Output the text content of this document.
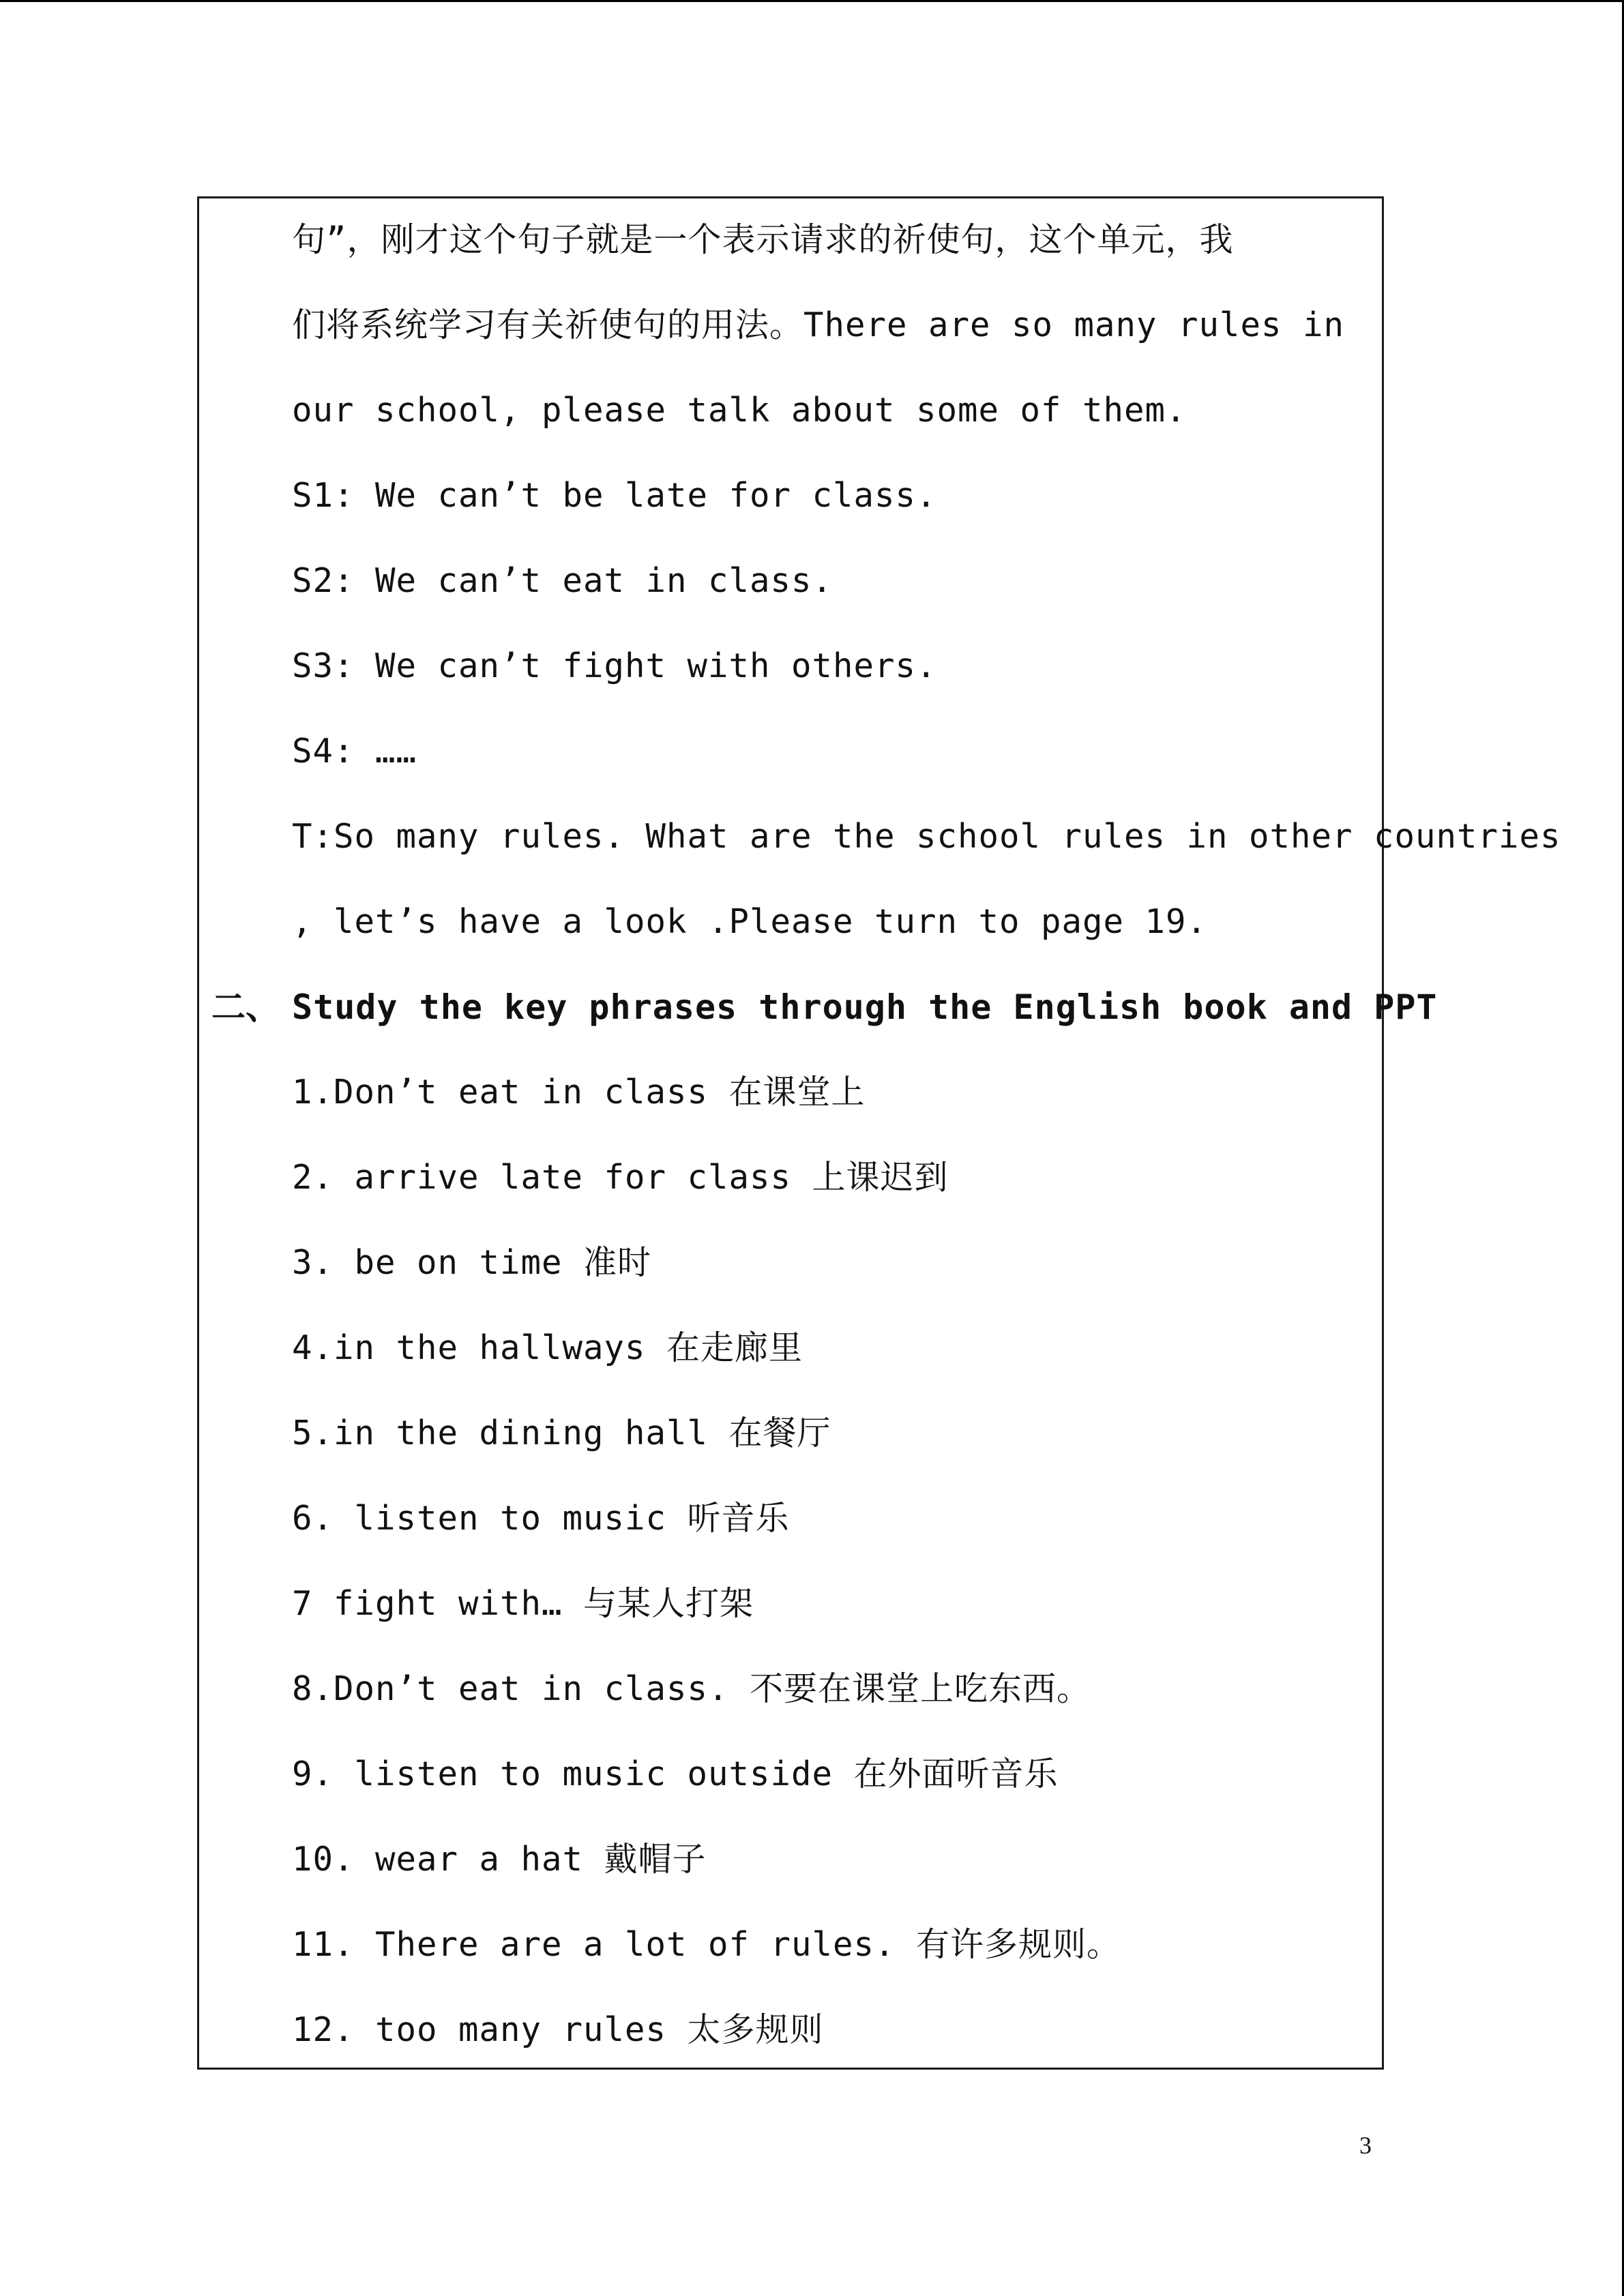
句”，刚才这个句子就是一个表示请求的祈使句，这个单元，我
们将系统学习有关祈使句的用法。There are so many rules in
our school, please talk about some of them.
S1: We can’t be late for class.
S2: We can’t eat in class.
S3: We can’t fight with others.
S4: ……
T:So many rules. What are the school rules in other countries
, let’s have a look .Please turn to page 19.
二、 Study the key phrases through the English book and PPT
1.Don’t eat in class 在课堂上
2. arrive late for class 上课迟到
3. be on time 准时
4.in the hallways 在走廊里
5.in the dining hall 在餐厅
6. listen to music 听音乐
7 fight with… 与某人打架
8.Don’t eat in class. 不要在课堂上吃东西。
9. listen to music outside 在外面听音乐
10. wear a hat 戴帽子
11. There are a lot of rules. 有许多规则。
12. too many rules 太多规则
3
